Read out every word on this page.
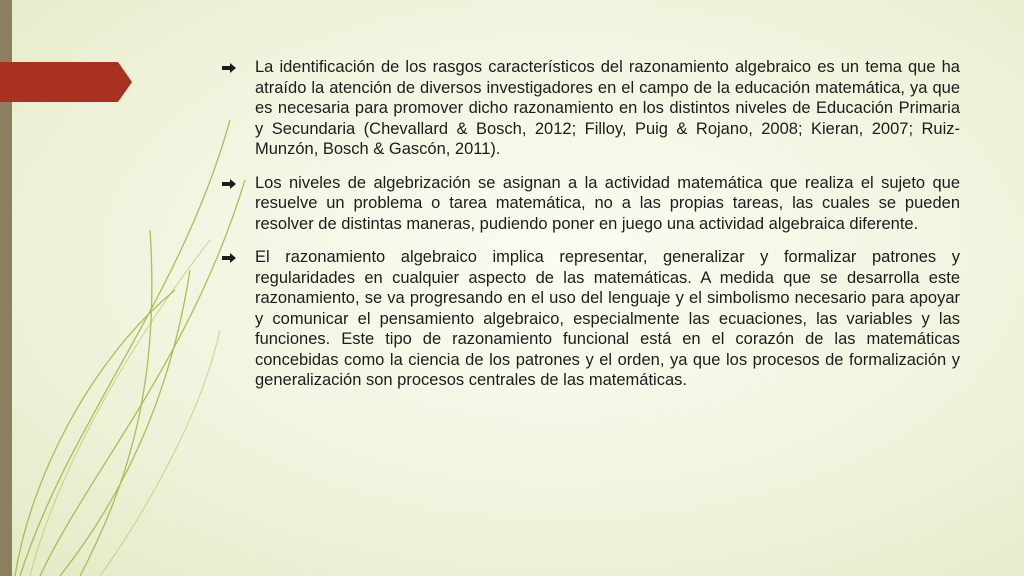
La identificación de los rasgos característicos del razonamiento algebraico es un tema que ha atraído la atención de diversos investigadores en el campo de la educación matemática, ya que es necesaria para promover dicho razonamiento en los distintos niveles de Educación Primaria y Secundaria (Chevallard & Bosch, 2012; Filloy, Puig & Rojano, 2008; Kieran, 2007; Ruiz-Munzón, Bosch & Gascón, 2011).
Los niveles de algebrización se asignan a la actividad matemática que realiza el sujeto que resuelve un problema o tarea matemática, no a las propias tareas, las cuales se pueden resolver de distintas maneras, pudiendo poner en juego una actividad algebraica diferente.
El razonamiento algebraico implica representar, generalizar y formalizar patrones y regularidades en cualquier aspecto de las matemáticas. A medida que se desarrolla este razonamiento, se va progresando en el uso del lenguaje y el simbolismo necesario para apoyar y comunicar el pensamiento algebraico, especialmente las ecuaciones, las variables y las funciones. Este tipo de razonamiento funcional está en el corazón de las matemáticas concebidas como la ciencia de los patrones y el orden, ya que los procesos de formalización y generalización son procesos centrales de las matemáticas.
